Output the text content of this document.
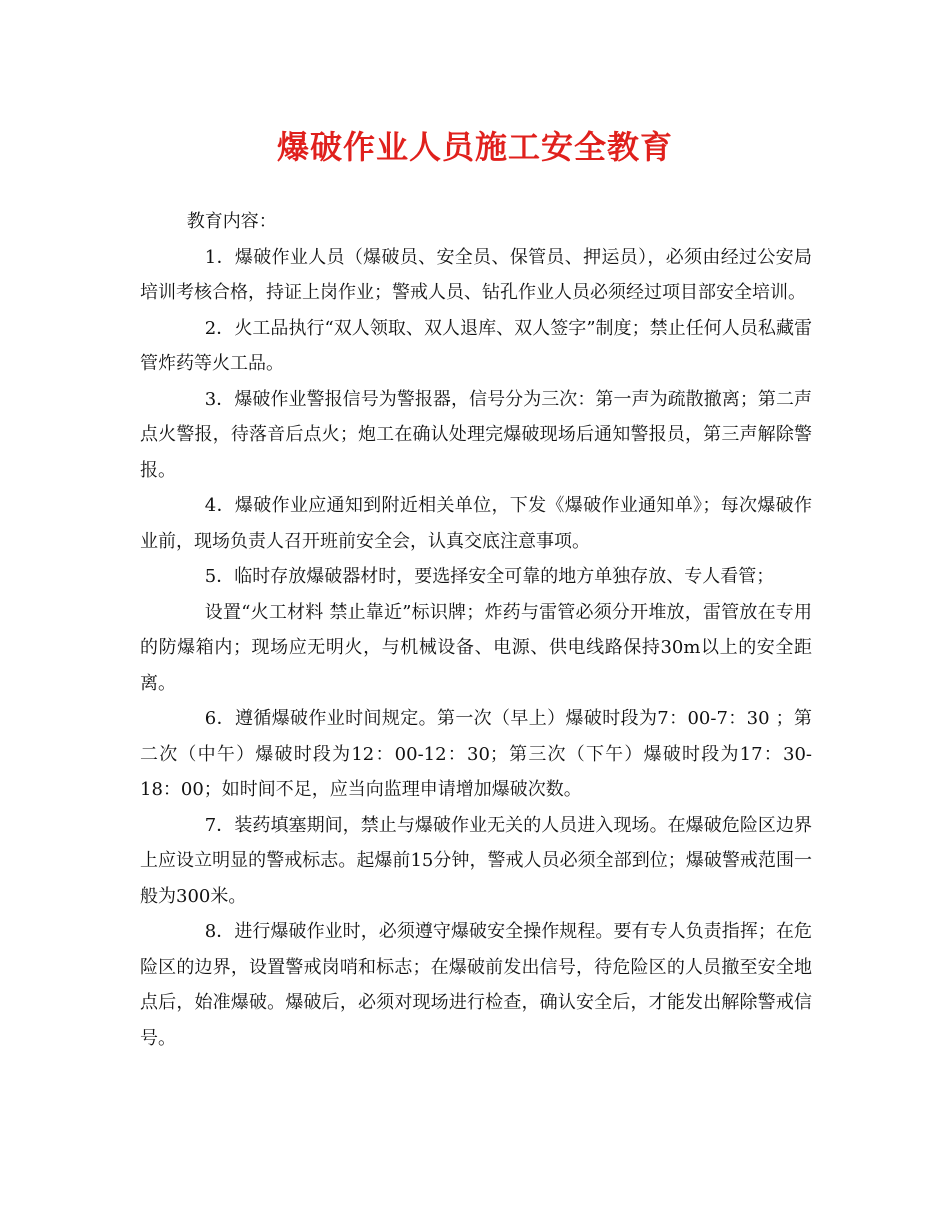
爆破作业人员施工安全教育

教育内容：

1．爆破作业人员（爆破员、安全员、保管员、押运员），必须由经过公安局培训考核合格，持证上岗作业；警戒人员、钻孔作业人员必须经过项目部安全培训。

2．火工品执行“双人领取、双人退库、双人签字”制度；禁止任何人员私藏雷管炸药等火工品。

3．爆破作业警报信号为警报器，信号分为三次：第一声为疏散撤离；第二声点火警报，待落音后点火；炮工在确认处理完爆破现场后通知警报员，第三声解除警报。

4．爆破作业应通知到附近相关单位，下发《爆破作业通知单》；每次爆破作业前，现场负责人召开班前安全会，认真交底注意事项。

5．临时存放爆破器材时，要选择安全可靠的地方单独存放、专人看管；

设置“火工材料 禁止靠近”标识牌；炸药与雷管必须分开堆放，雷管放在专用的防爆箱内；现场应无明火，与机械设备、电源、供电线路保持30m以上的安全距离。

6．遵循爆破作业时间规定。第一次（早上）爆破时段为7：00-7：30 ；第二次（中午）爆破时段为12：00-12：30；第三次（下午）爆破时段为17：30-18：00；如时间不足，应当向监理申请增加爆破次数。

7．装药填塞期间，禁止与爆破作业无关的人员进入现场。在爆破危险区边界上应设立明显的警戒标志。起爆前15分钟，警戒人员必须全部到位；爆破警戒范围一般为300米。

8．进行爆破作业时，必须遵守爆破安全操作规程。要有专人负责指挥；在危险区的边界，设置警戒岗哨和标志；在爆破前发出信号，待危险区的人员撤至安全地点后，始准爆破。爆破后，必须对现场进行检查，确认安全后，才能发出解除警戒信号。
